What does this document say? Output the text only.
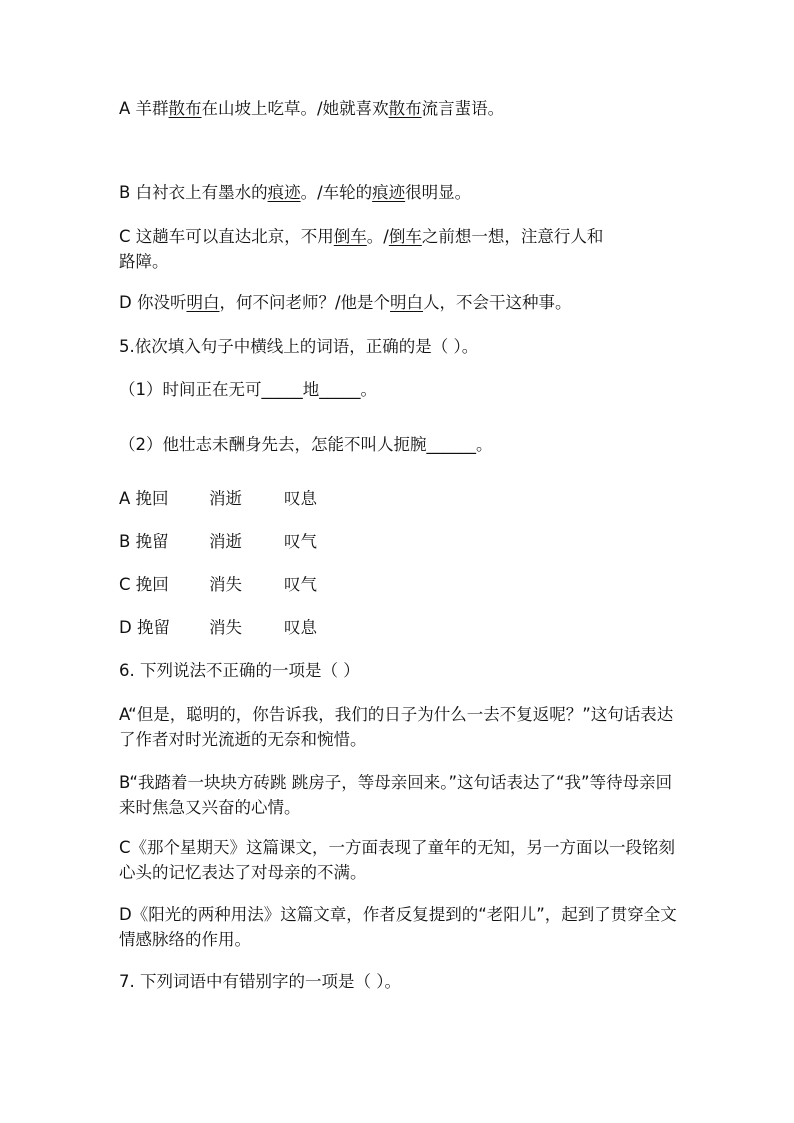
A 羊群散布在山坡上吃草。/她就喜欢散布流言蜚语。

B 白衬衣上有墨水的痕迹。/车轮的痕迹很明显。

C 这趟车可以直达北京，不用倒车。/倒车之前想一想，注意行人和

路障。

D 你没听明白，何不问老师？/他是个明白人，不会干这种事。

5.依次填入句子中横线上的词语，正确的是（ ）。

（1）时间正在无可_____地_____。

（2）他壮志未酬身先去，怎能不叫人扼腕______。

A 挽回 消逝	叹息

B 挽留 消逝	叹气

C 挽回 消失	叹气

D 挽留 消失	叹息

6. 下列说法不正确的一项是（ ）

A“但是，聪明的，你告诉我，我们的日子为什么一去不复返呢？”这句话表达了作者对时光流逝的无奈和惋惜。

B“我踏着一块块方砖跳 跳房子，等母亲回来。”这句话表达了“我”等待母亲回来时焦急又兴奋的心情。

C《那个星期天》这篇课文，一方面表现了童年的无知，另一方面以一段铭刻心头的记忆表达了对母亲的不满。

D《阳光的两种用法》这篇文章，作者反复提到的“老阳儿”，起到了贯穿全文情感脉络的作用。

7. 下列词语中有错别字的一项是（ ）。
